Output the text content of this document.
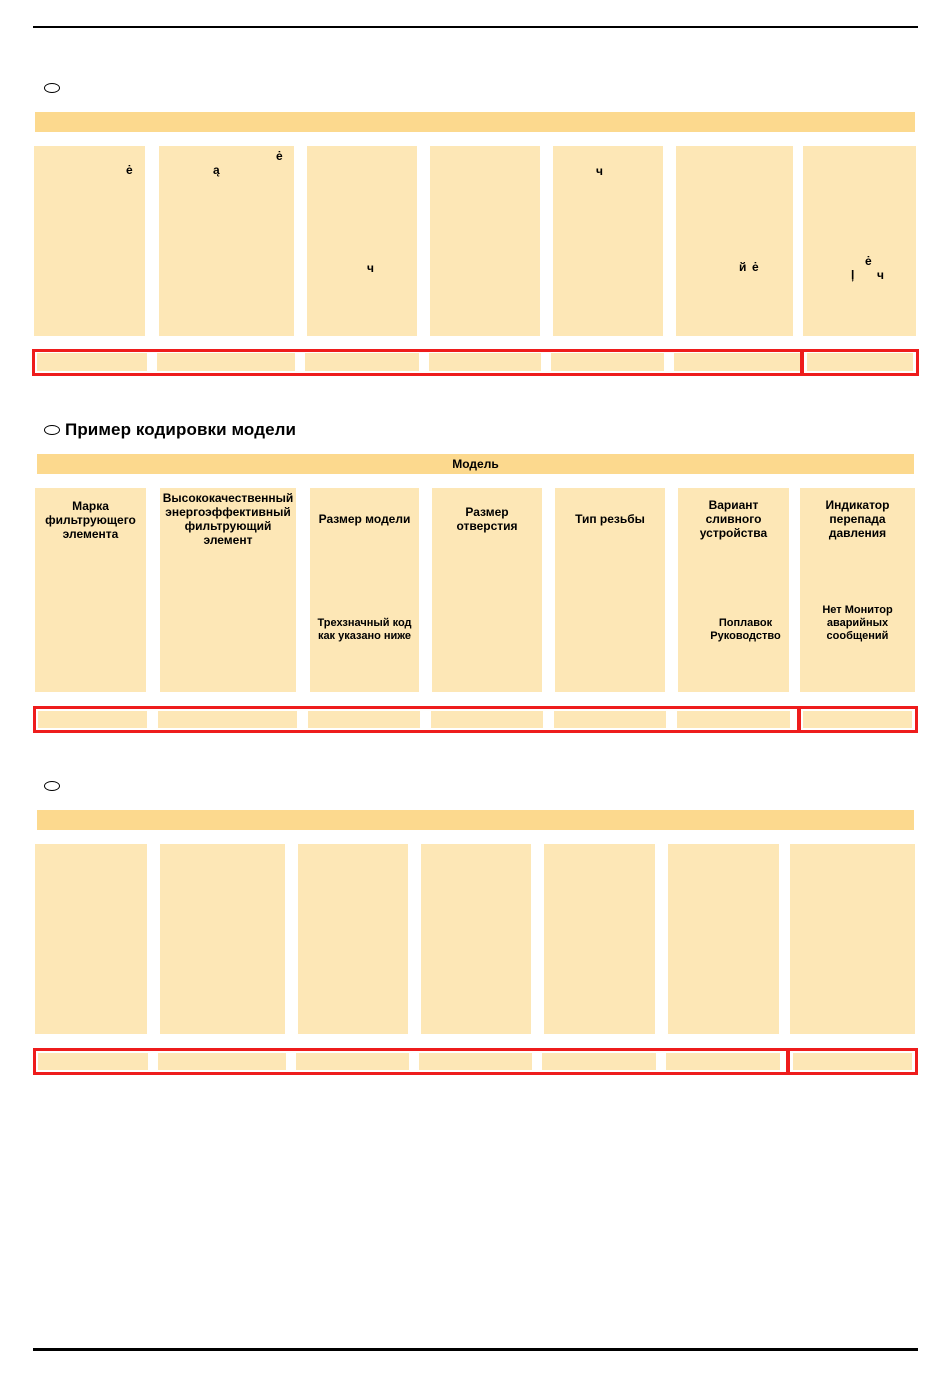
ė
ė
ą
ч
ч
й ė	ė
ļ ч
Пример кодировки модели
Модель
Марка фильтрующего элемента
Высококачественный энергоэффективный фильтрующий элемент
Размер модели
Трехзначный код как указано ниже
Размер отверстия	Тип резьбы
Вариант сливного устройства
Поплавок Руководство
Индикатор перепада давления
Нет Монитор аварийных сообщений
